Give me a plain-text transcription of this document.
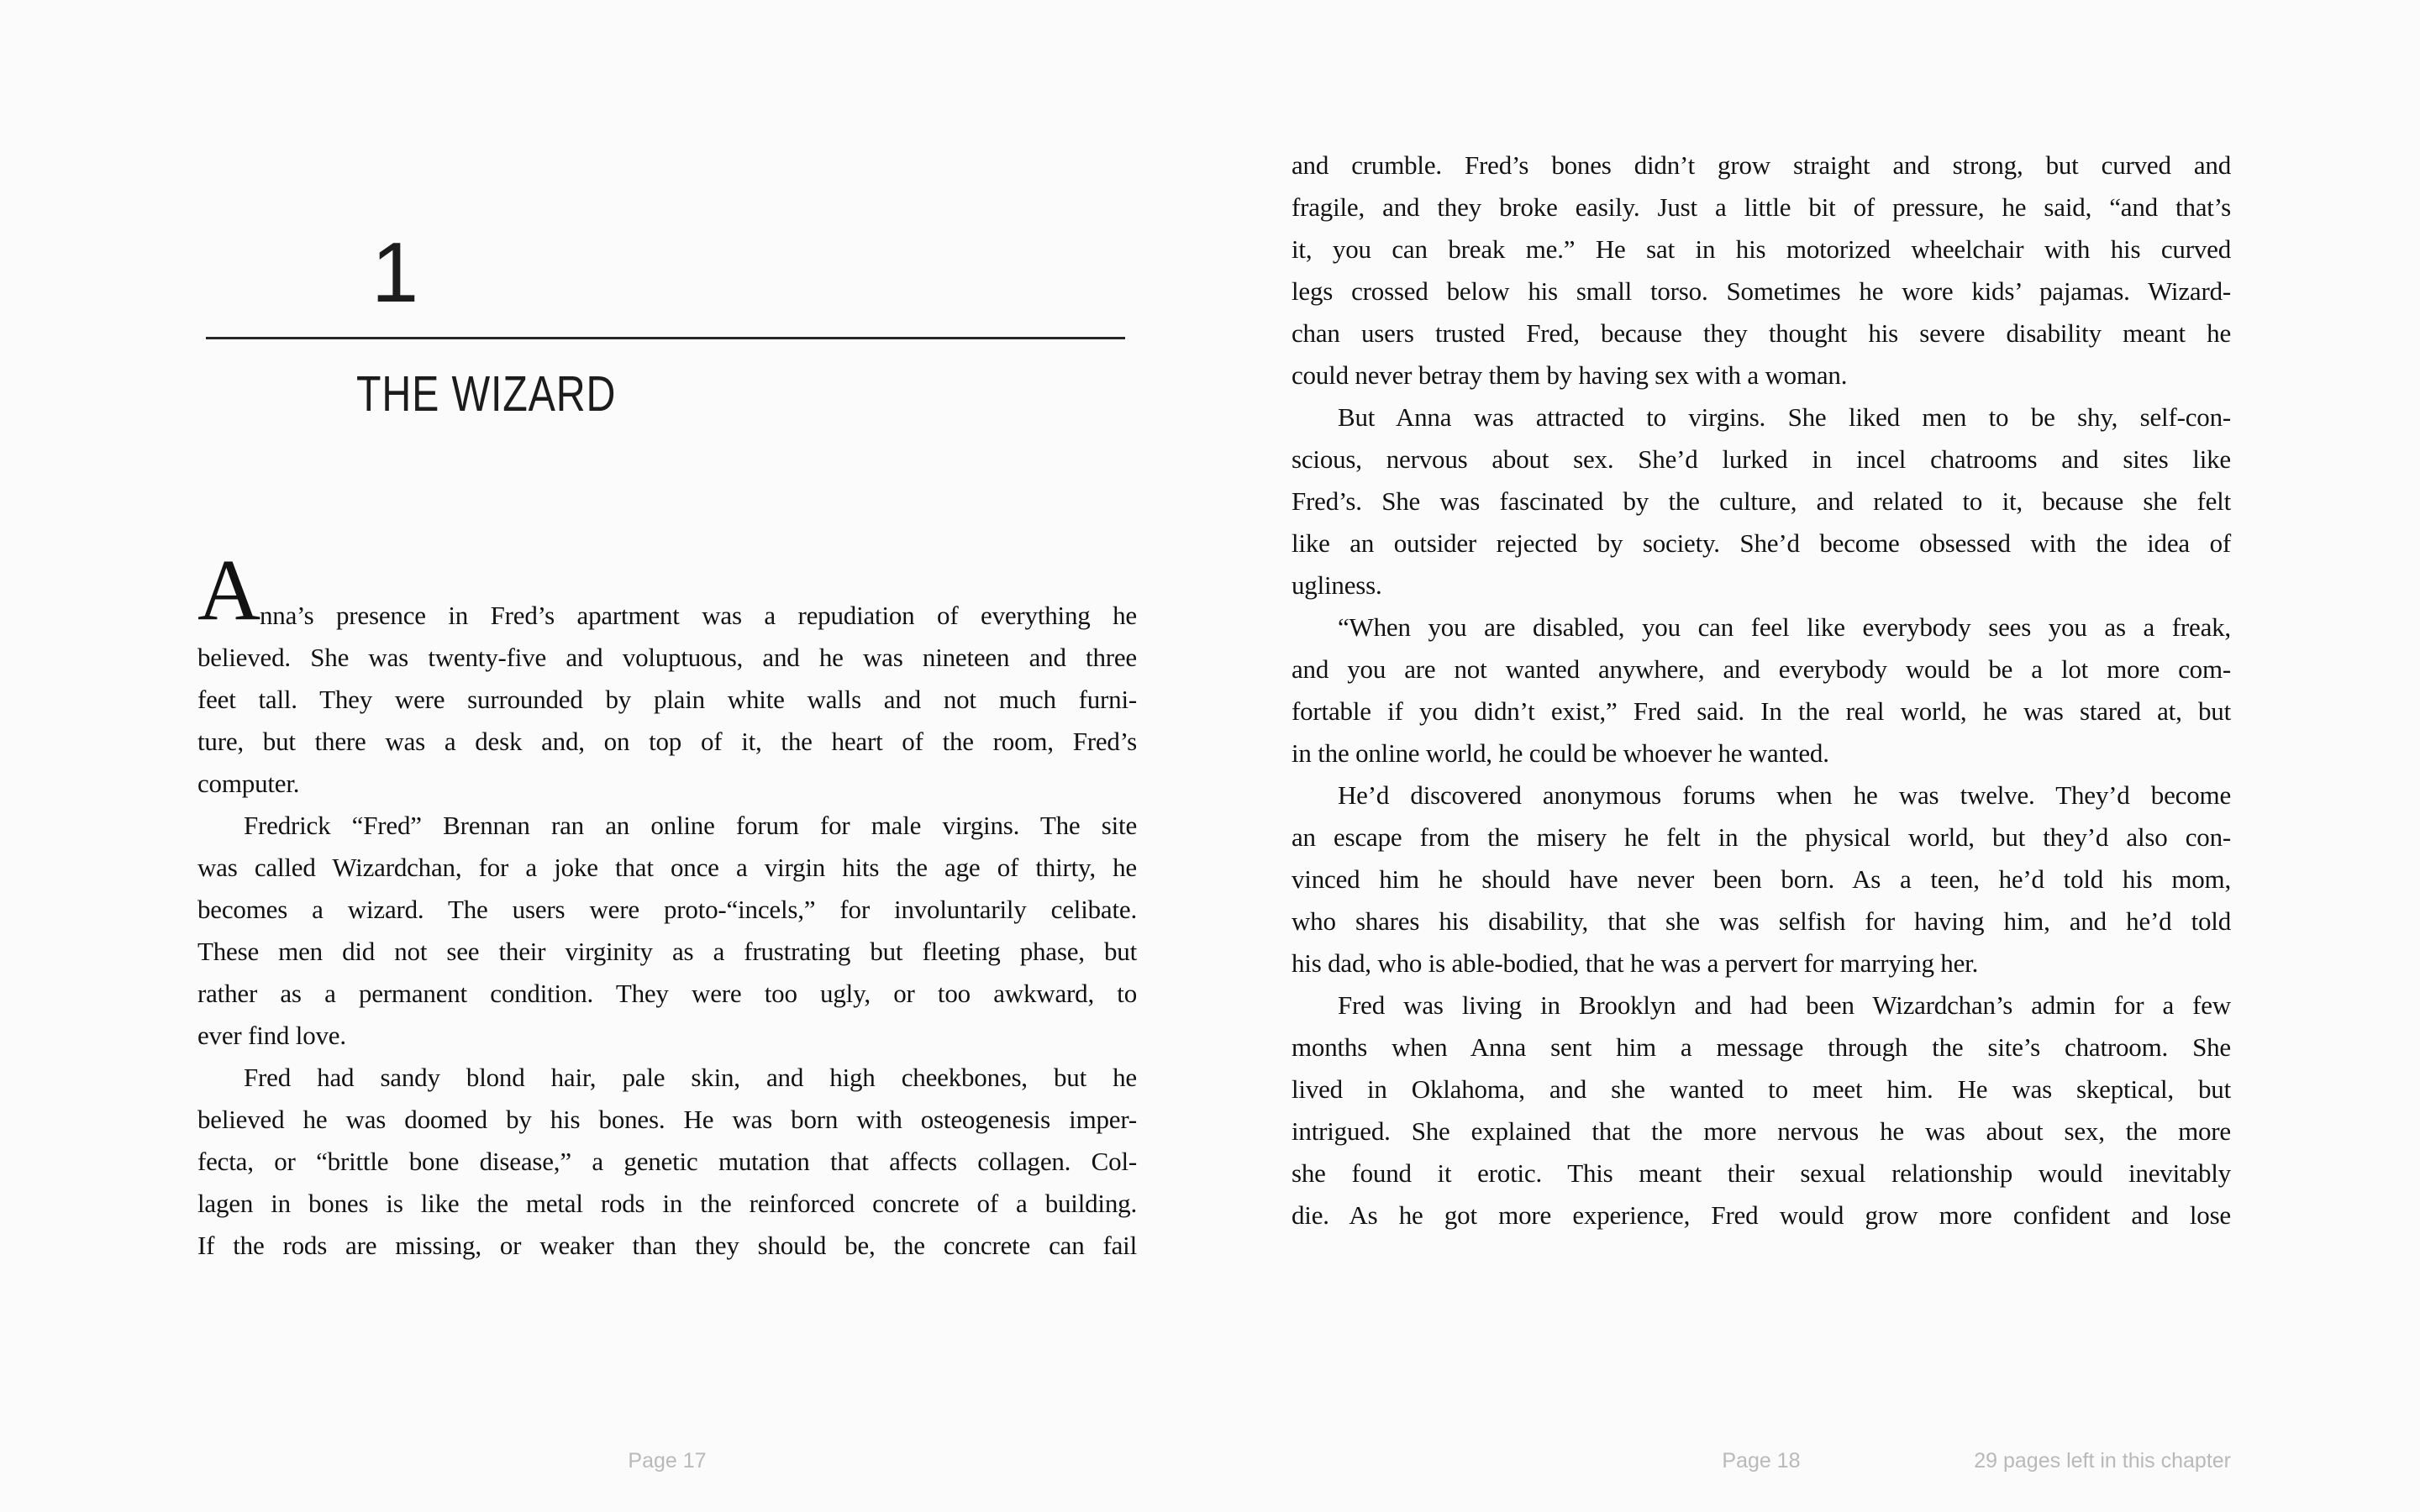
1
THE WIZARD
A
nna’s presence in Fred’s apartment was a repudiation of everything he
believed. She was twenty-five and voluptuous, and he was nineteen and three
feet tall. They were surrounded by plain white walls and not much furni-
ture, but there was a desk and, on top of it, the heart of the room, Fred’s
computer.
Fredrick “Fred” Brennan ran an online forum for male virgins. The site
was called Wizardchan, for a joke that once a virgin hits the age of thirty, he
becomes a wizard. The users were proto-“incels,” for involuntarily celibate.
These men did not see their virginity as a frustrating but fleeting phase, but
rather as a permanent condition. They were too ugly, or too awkward, to
ever find love.
Fred had sandy blond hair, pale skin, and high cheekbones, but he
believed he was doomed by his bones. He was born with osteogenesis imper-
fecta, or “brittle bone disease,” a genetic mutation that affects collagen. Col-
lagen in bones is like the metal rods in the reinforced concrete of a building.
If the rods are missing, or weaker than they should be, the concrete can fail
Page 17
and crumble. Fred’s bones didn’t grow straight and strong, but curved and
fragile, and they broke easily. Just a little bit of pressure, he said, “and that’s
it, you can break me.” He sat in his motorized wheelchair with his curved
legs crossed below his small torso. Sometimes he wore kids’ pajamas. Wizard-
chan users trusted Fred, because they thought his severe disability meant he
could never betray them by having sex with a woman.
But Anna was attracted to virgins. She liked men to be shy, self-con-
scious, nervous about sex. She’d lurked in incel chatrooms and sites like
Fred’s. She was fascinated by the culture, and related to it, because she felt
like an outsider rejected by society. She’d become obsessed with the idea of
ugliness.
“When you are disabled, you can feel like everybody sees you as a freak,
and you are not wanted anywhere, and everybody would be a lot more com-
fortable if you didn’t exist,” Fred said. In the real world, he was stared at, but
in the online world, he could be whoever he wanted.
He’d discovered anonymous forums when he was twelve. They’d become
an escape from the misery he felt in the physical world, but they’d also con-
vinced him he should have never been born. As a teen, he’d told his mom,
who shares his disability, that she was selfish for having him, and he’d told
his dad, who is able-bodied, that he was a pervert for marrying her.
Fred was living in Brooklyn and had been Wizardchan’s admin for a few
months when Anna sent him a message through the site’s chatroom. She
lived in Oklahoma, and she wanted to meet him. He was skeptical, but
intrigued. She explained that the more nervous he was about sex, the more
she found it erotic. This meant their sexual relationship would inevitably
die. As he got more experience, Fred would grow more confident and lose
Page 18	29 pages left in this chapter
